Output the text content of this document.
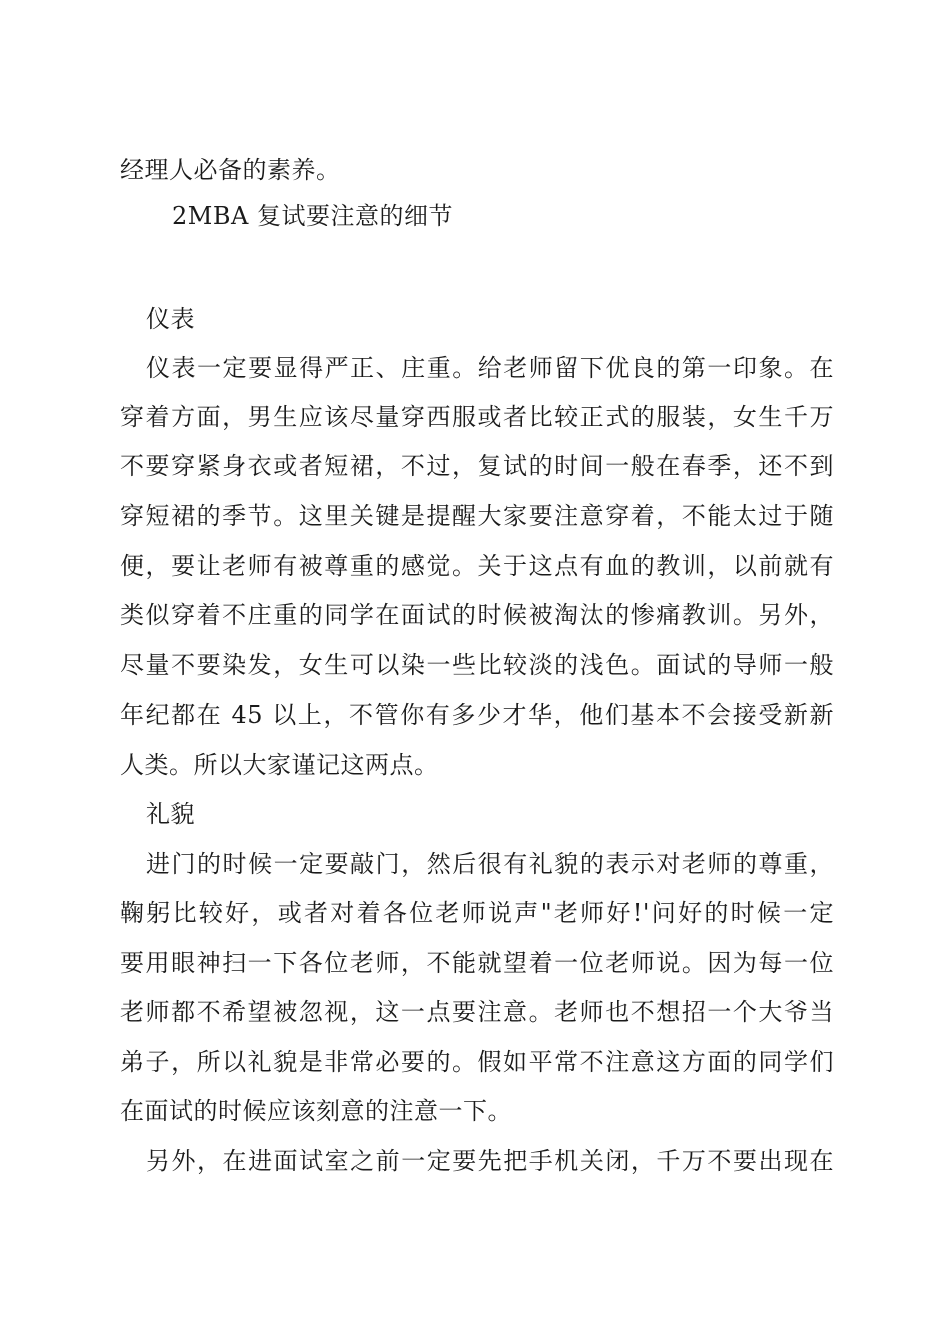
经理人必备的素养。
2MBA 复试要注意的细节
仪表
仪表一定要显得严正、庄重。给老师留下优良的第一印象。在
穿着方面，男生应该尽量穿西服或者比较正式的服装，女生千万
不要穿紧身衣或者短裙，不过，复试的时间一般在春季，还不到
穿短裙的季节。这里关键是提醒大家要注意穿着，不能太过于随
便，要让老师有被尊重的感觉。关于这点有血的教训，以前就有
类似穿着不庄重的同学在面试的时候被淘汰的惨痛教训。另外，
尽量不要染发，女生可以染一些比较淡的浅色。面试的导师一般
年纪都在 45 以上，不管你有多少才华，他们基本不会接受新新
人类。所以大家谨记这两点。
礼貌
进门的时候一定要敲门，然后很有礼貌的表示对老师的尊重，
鞠躬比较好，或者对着各位老师说声"老师好!'问好的时候一定
要用眼神扫一下各位老师，不能就望着一位老师说。因为每一位
老师都不希望被忽视，这一点要注意。老师也不想招一个大爷当
弟子，所以礼貌是非常必要的。假如平常不注意这方面的同学们
在面试的时候应该刻意的注意一下。
另外，在进面试室之前一定要先把手机关闭，千万不要出现在
